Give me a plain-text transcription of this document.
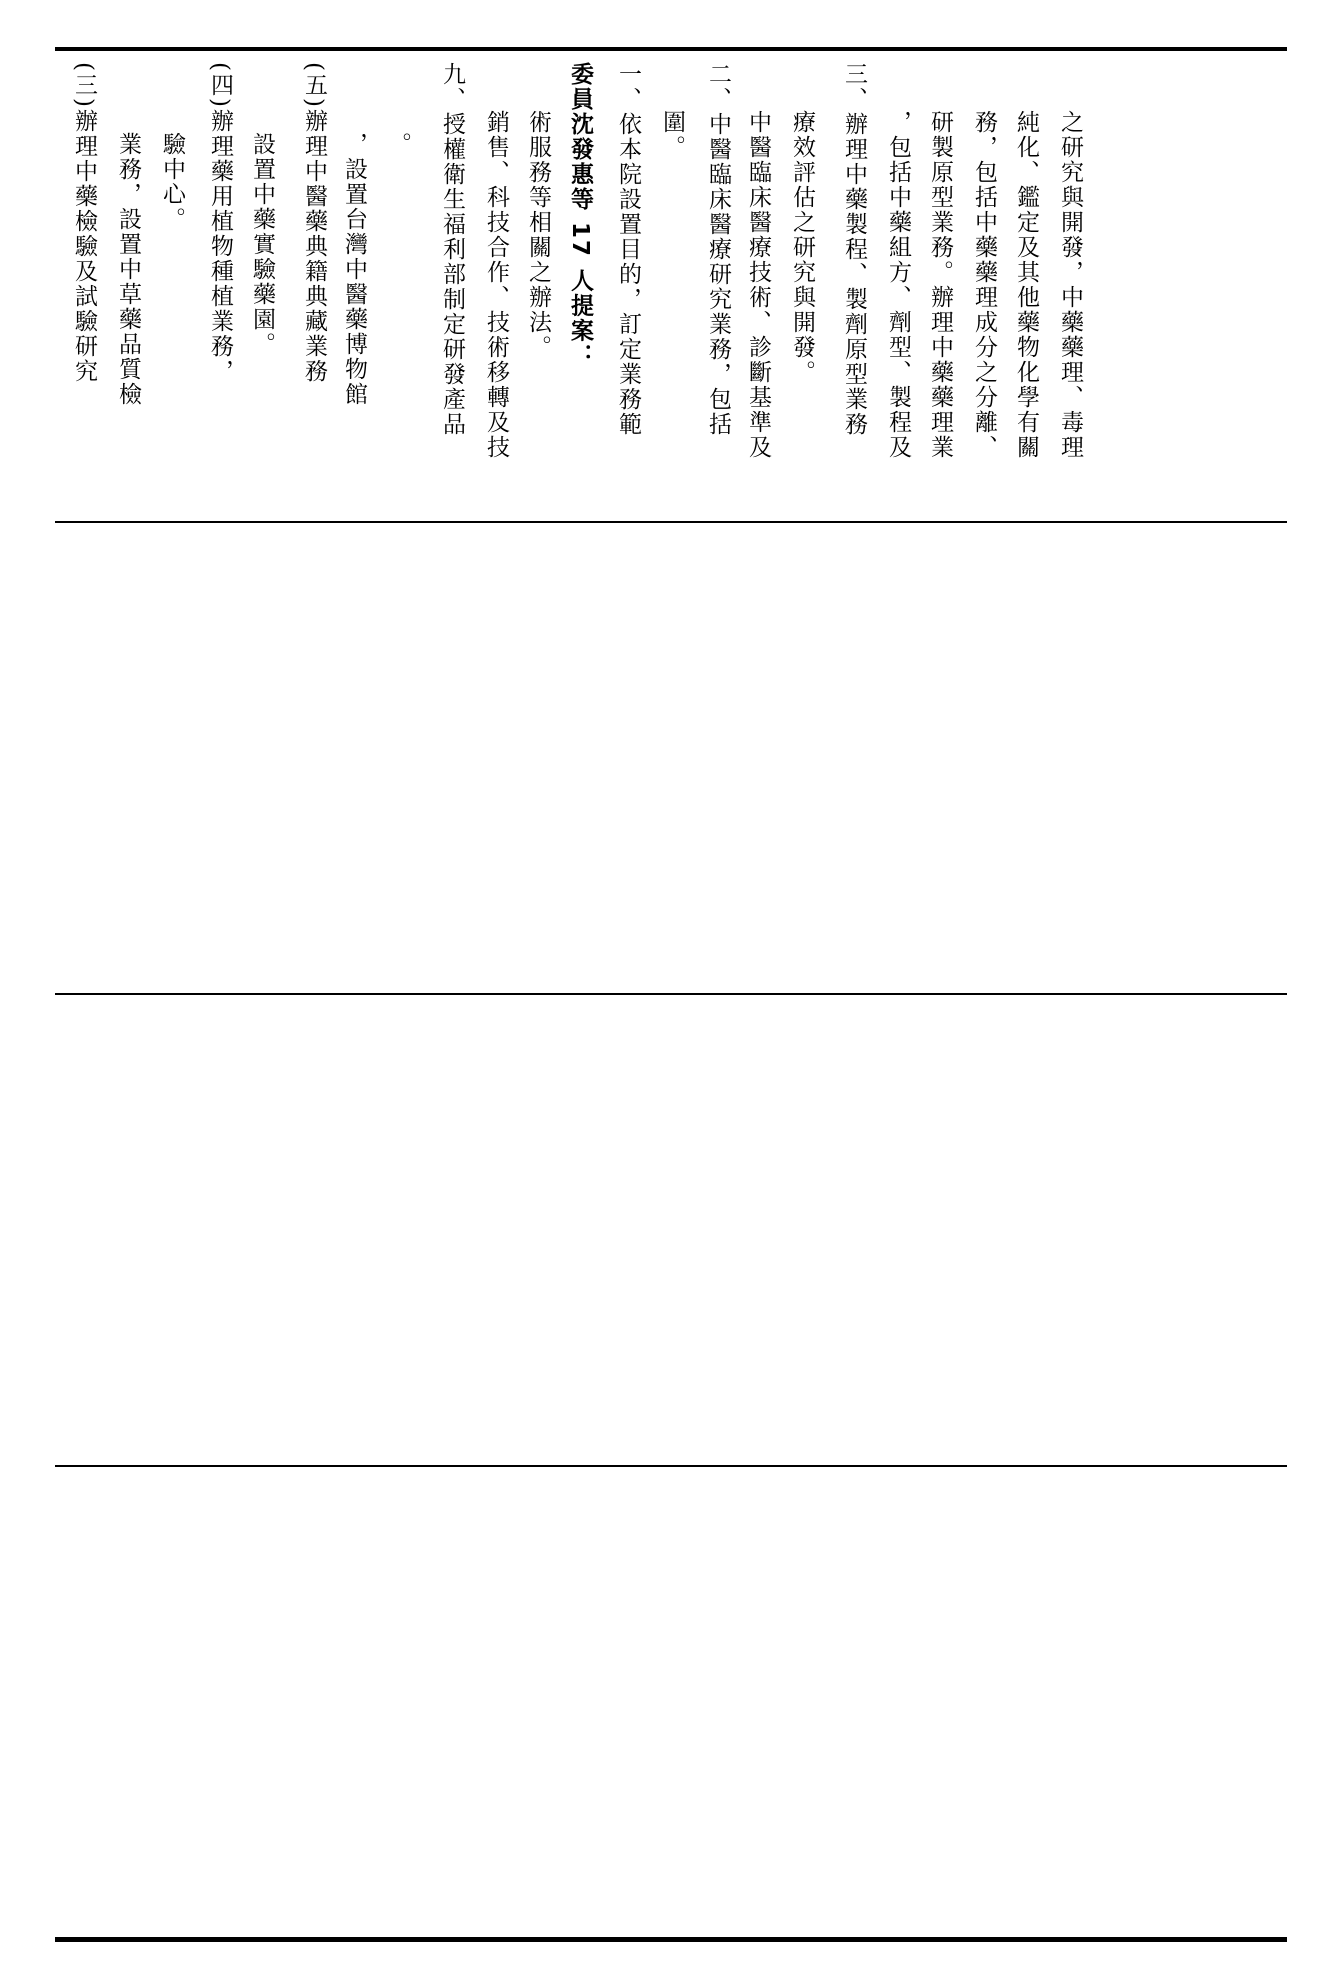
(三)辦理中藥檢驗及試驗研究 業務，設置中草藥品質檢 驗中心。 (四)辦理藥用植物種植業務， 設置中藥實驗藥園。	(五)辦理中醫藥典籍典藏業務 ，設置台灣中醫藥博物館 。	九、授權衛生福利部制定研發產品 銷售、科技合作、技術移轉及技 術服務等相關之辦法。 委員沈發惠等 17 人提案： 一、依本院設置目的，訂定業務範 圍。 二、中醫臨床醫療研究業務，包括 中醫臨床醫療技術、診斷基準及 療效評估之研究與開發。	三、辦理中藥製程、製劑原型業務 ，包括中藥組方、劑型、製程及 研製原型業務。辦理中藥藥理業 務，包括中藥藥理成分之分離、 純化、鑑定及其他藥物化學有關 之研究與開發，中藥藥理、毒理
